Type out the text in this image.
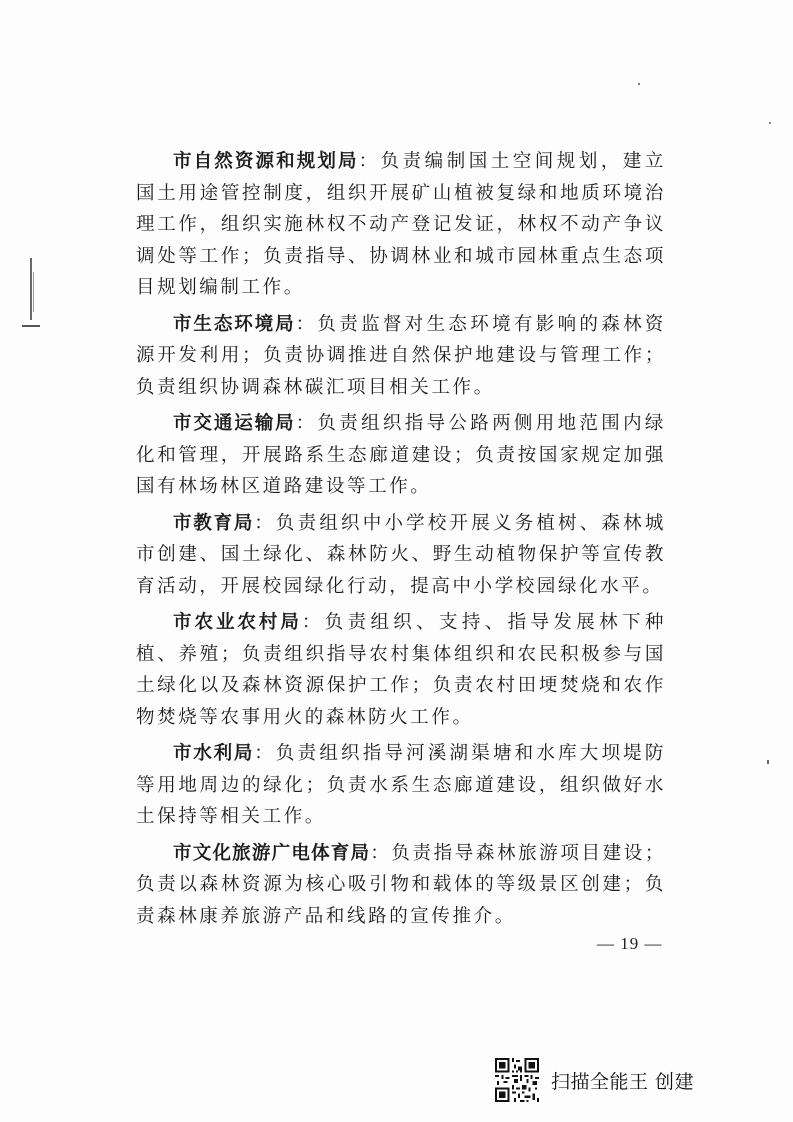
市自然资源和规划局：负责编制国土空间规划，建立国土用途管控制度，组织开展矿山植被复绿和地质环境治理工作，组织实施林权不动产登记发证，林权不动产争议调处等工作；负责指导、协调林业和城市园林重点生态项目规划编制工作。

市生态环境局：负责监督对生态环境有影响的森林资源开发利用；负责协调推进自然保护地建设与管理工作；负责组织协调森林碳汇项目相关工作。

市交通运输局：负责组织指导公路两侧用地范围内绿化和管理，开展路系生态廊道建设；负责按国家规定加强国有林场林区道路建设等工作。

市教育局：负责组织中小学校开展义务植树、森林城市创建、国土绿化、森林防火、野生动植物保护等宣传教育活动，开展校园绿化行动，提高中小学校园绿化水平。

市农业农村局：负责组织、支持、指导发展林下种植、养殖；负责组织指导农村集体组织和农民积极参与国土绿化以及森林资源保护工作；负责农村田埂焚烧和农作物焚烧等农事用火的森林防火工作。

市水利局：负责组织指导河溪湖渠塘和水库大坝堤防等用地周边的绿化；负责水系生态廊道建设，组织做好水土保持等相关工作。

市文化旅游广电体育局：负责指导森林旅游项目建设；负责以森林资源为核心吸引物和载体的等级景区创建；负责森林康养旅游产品和线路的宣传推介。

— 19 —
扫描全能王 创建
